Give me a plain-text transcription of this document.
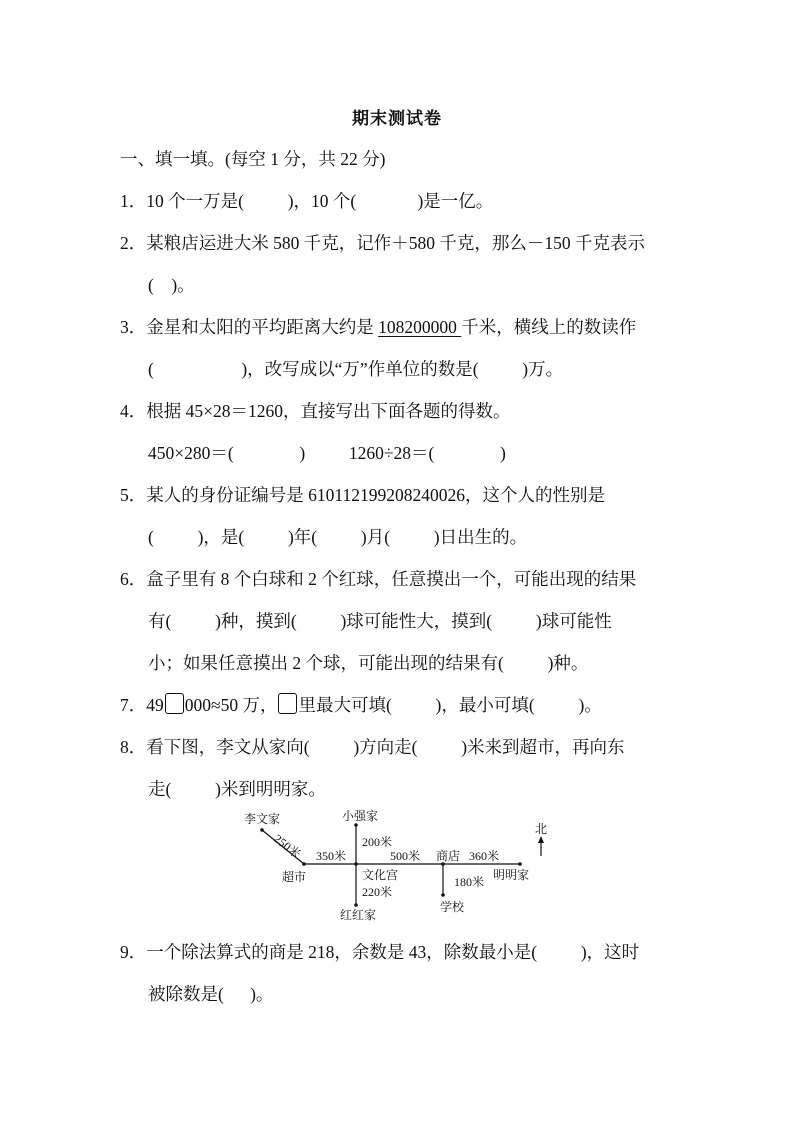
期末测试卷
一、填一填。(每空 1 分，共 22 分)
1．10 个一万是(          )，10 个(              )是一亿。
2．某粮店运进大米 580 千克，记作＋580 千克，那么－150 千克表示
(    )。
3．金星和太阳的平均距离大约是 108200000 千米，横线上的数读作
(                    )，改写成以“万”作单位的数是(          )万。
4．根据 45×28＝1260，直接写出下面各题的得数。
450×280＝(               )          1260÷28＝(               )
5．某人的身份证编号是 610112199208240026，这个人的性别是
(          )，是(          )年(          )月(          )日出生的。
6．盒子里有 8 个白球和 2 个红球，任意摸出一个，可能出现的结果
有(          )种，摸到(          )球可能性大，摸到(          )球可能性
小；如果任意摸出 2 个球，可能出现的结果有(          )种。
7．49 000≈50 万， 里最大可填(          )，最小可填(          )。
8．看下图，李文从家向(          )方向走(          )米来到超市，再向东
走(          )米到明明家。
李文家
250米
超市
350米
小强家
200米
500米 商店 360米
明明家
文化宫
220米
红红家
180米
学校
北
9．一个除法算式的商是 218，余数是 43，除数最小是(          )，这时
被除数是(      )。
